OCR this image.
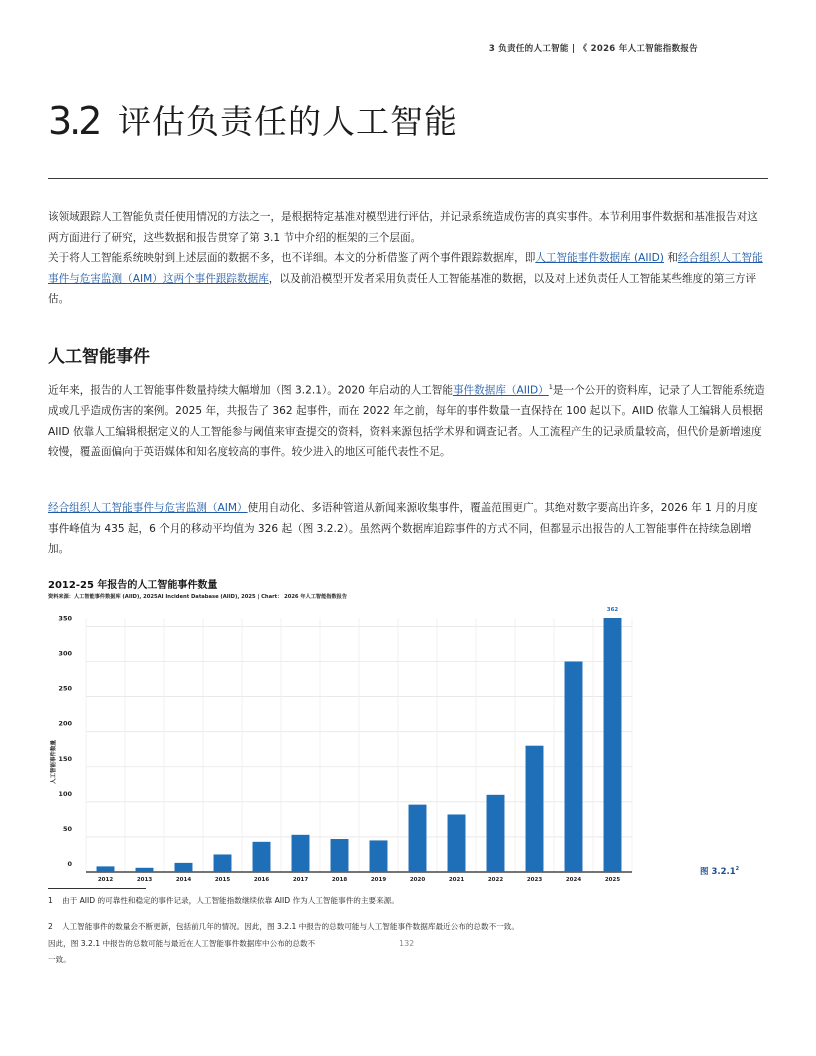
3 负责任的人工智能 | 《 2026 年人工智能指数报告
3.2 评估负责任的人工智能
该领域跟踪人工智能负责任使用情况的方法之一，是根据特定基准对模型进行评估，并记录系统造成伤害的真实事件。本节利用事件数据和基准报告对这两方面进行了研究，这些数据和报告贯穿了第 3.1 节中介绍的框架的三个层面。
关于将人工智能系统映射到上述层面的数据不多，也不详细。本文的分析借鉴了两个事件跟踪数据库，即人工智能事件数据库 (AIID) 和经合组织人工智能事件与危害监测（AIM）这两个事件跟踪数据库，以及前沿模型开发者采用负责任人工智能基准的数据，以及对上述负责任人工智能某些维度的第三方评估。
人工智能事件
近年来，报告的人工智能事件数量持续大幅增加（图 3.2.1）。2020 年启动的人工智能事件数据库（AIID）$^1$是一个公开的资料库，记录了人工智能系统造成或几乎造成伤害的案例。2025 年，共报告了 362 起事件，而在 2022 年之前，每年的事件数量一直保持在 100 起以下。AIID 依靠人工编辑人员根据AIID 依靠人工编辑根据定义的人工智能参与阈值来审查提交的资料，资料来源包括学术界和调查记者。人工流程产生的记录质量较高，但代价是新增速度较慢，覆盖面偏向于英语媒体和知名度较高的事件。较少进入的地区可能代表性不足。
经合组织人工智能事件与危害监测（AIM）使用自动化、多语种管道从新闻来源收集事件，覆盖范围更广。其绝对数字要高出许多，2026 年 1 月的月度事件峰值为 435 起，6 个月的移动平均值为 326 起（图 3.2.2）。虽然两个数据库追踪事件的方式不同，但都显示出报告的人工智能事件在持续急剧增加。
2012-25 年报告的人工智能事件数量
资料来源：人工智能事件数据库 (AIID), 2025AI Incident Database (AIID), 2025 | Chart： 2026 年人工智能指数报告
0
50
100
150
200
250
300
350
2012	2013	2014	2015	2016	2017	2018	2019	2020	2021	2022	2023	2024	2025
362
人工智能事件数量
图 3.2.1$^2$
1 由于 AIID 的可靠性和稳定的事件记录，人工智能指数继续依靠 AIID 作为人工智能事件的主要来源。
2 人工智能事件的数量会不断更新，包括前几年的情况。因此，图 3.2.1 中报告的总数可能与人工智能事件数据库最近公布的总数不一致。
因此，图 3.2.1 中报告的总数可能与最近在人工智能事件数据库中公布的总数不
一致。
132
